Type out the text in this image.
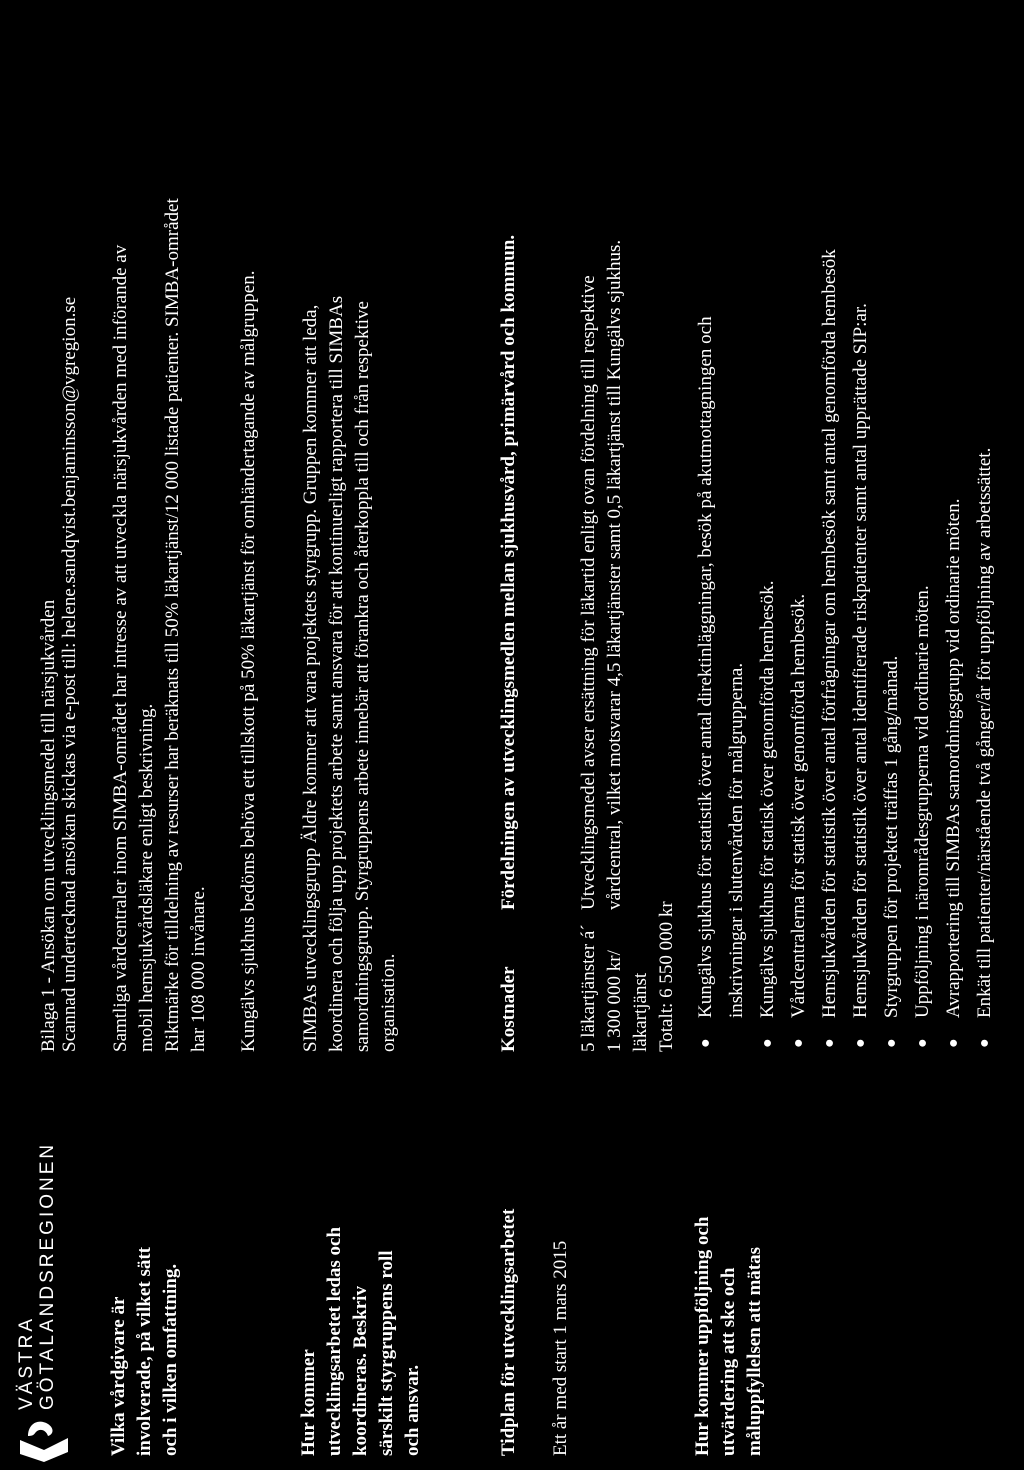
VÄSTRA GÖTALANDSREGIONEN
Bilaga 1 - Ansökan om utvecklingsmedel till närsjukvården Scannad undertecknad ansökan skickas via e-post till: helene.sandqvist.benjaminsson@vgregion.se
Vilka vårdgivare är involverade, på vilket sätt och i vilken omfattning.
Samtliga vårdcentraler inom SIMBA-området har intresse av att utveckla närsjukvården med införande av mobil hemsjukvårdsläkare enligt beskrivning. Riktmärke för tilldelning av resurser har beräknats till 50% läkartjänst/12 000 listade patienter. SIMBA-området har 108 000 invånare. Kungälvs sjukhus bedöms behöva ett tillskott på 50% läkartjänst för omhändertagande av målgruppen.
Hur kommer utvecklingsarbetet ledas och koordineras. Beskriv särskilt styrgruppens roll och ansvar.
SIMBAs utvecklingsgrupp Äldre kommer att vara projektets styrgrupp. Gruppen kommer att leda, koordinera och följa upp projektets arbete samt ansvara för att kontinuerligt rapportera till SIMBAs samordningsgrupp. Styrgruppens arbete innebär att förankra och återkoppla till och från respektive organisation.
Tidplan för utvecklingsarbetet Ett år med start 1 mars 2015
Kostnader	5 läkartjänster á´ 1 300 000 kr/ läkartjänst Totalt: 6 550 000 kr
Fördelningen av utvecklingsmedlen mellan sjukhusvård, primärvård och kommun.	Utvecklingsmedel avser ersättning för läkartid enligt ovan fördelning till respektive vårdcentral, vilket motsvarar 4,5 läkartjänster samt 0,5 läkartjänst till Kungälvs sjukhus.
Hur kommer uppföljning och utvärdering att ske och måluppfyllelsen att mätas
●
Kungälvs sjukhus för statistik över antal direktinläggningar, besök på akutmottagningen och inskrivningar i slutenvården för målgrupperna.
●
Kungälvs sjukhus för statisk över genomförda hembesök.
●
Vårdcentralerna för statisk över genomförda hembesök.
●
Hemsjukvården för statistik över antal förfrågningar om hembesök samt antal genomförda hembesök
●
Hemsjukvården för statistik över antal identifierade riskpatienter samt antal upprättade SIP:ar.
●
Styrgruppen för projektet träffas 1 gång/månad.
●
Uppföljning i närområdesgrupperna vid ordinarie möten.
●
Avrapportering till SIMBAs samordningsgrupp vid ordinarie möten.
●
Enkät till patienter/närstående två gånger/år för uppföljning av arbetssättet.
